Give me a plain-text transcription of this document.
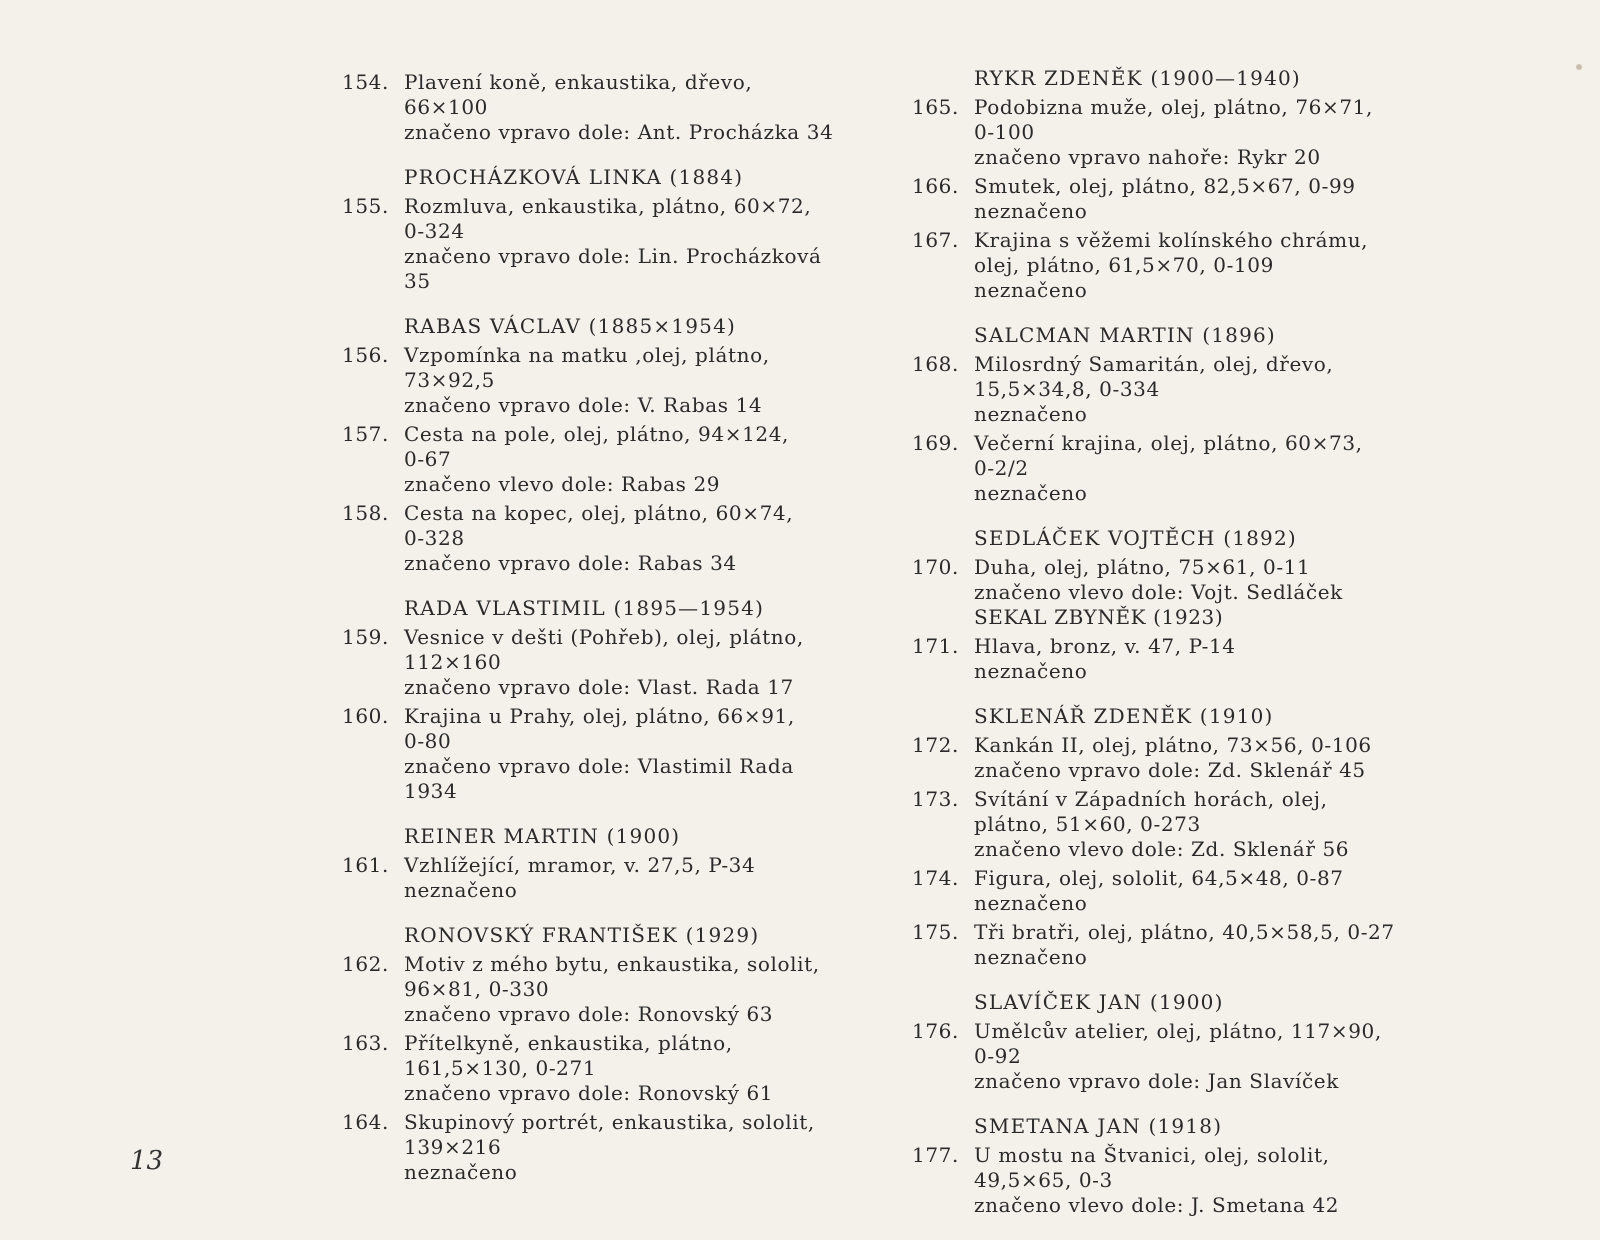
154. Plavení koně, enkaustika, dřevo,
66×100
značeno vpravo dole: Ant. Procházka 34
PROCHÁZKOVÁ LINKA (1884)
155. Rozmluva, enkaustika, plátno, 60×72,
0-324
značeno vpravo dole: Lin. Procházková
35
RABAS VÁCLAV (1885×1954)
156. Vzpomínka na matku ,olej, plátno,
73×92,5
značeno vpravo dole: V. Rabas 14
157. Cesta na pole, olej, plátno, 94×124,
0-67
značeno vlevo dole: Rabas 29
158. Cesta na kopec, olej, plátno, 60×74,
0-328
značeno vpravo dole: Rabas 34
RADA VLASTIMIL (1895—1954)
159. Vesnice v dešti (Pohřeb), olej, plátno,
112×160
značeno vpravo dole: Vlast. Rada 17
160. Krajina u Prahy, olej, plátno, 66×91,
0-80
značeno vpravo dole: Vlastimil Rada
1934
REINER MARTIN (1900)
161. Vzhlížející, mramor, v. 27,5, P-34
neznačeno
RONOVSKÝ FRANTIŠEK (1929)
162. Motiv z mého bytu, enkaustika, sololit,
96×81, 0-330
značeno vpravo dole: Ronovský 63
163. Přítelkyně, enkaustika, plátno,
161,5×130, 0-271
značeno vpravo dole: Ronovský 61
164. Skupinový portrét, enkaustika, sololit,
139×216
neznačeno
RYKR ZDENĚK (1900—1940)
165. Podobizna muže, olej, plátno, 76×71,
0-100
značeno vpravo nahoře: Rykr 20
166. Smutek, olej, plátno, 82,5×67, 0-99
neznačeno
167. Krajina s věžemi kolínského chrámu,
olej, plátno, 61,5×70, 0-109
neznačeno
SALCMAN MARTIN (1896)
168. Milosrdný Samaritán, olej, dřevo,
15,5×34,8, 0-334
neznačeno
169. Večerní krajina, olej, plátno, 60×73,
0-2/2
neznačeno
SEDLÁČEK VOJTĚCH (1892)
170. Duha, olej, plátno, 75×61, 0-11
značeno vlevo dole: Vojt. Sedláček
SEKAL ZBYNĚK (1923)
171. Hlava, bronz, v. 47, P-14
neznačeno
SKLENÁŘ ZDENĚK (1910)
172. Kankán II, olej, plátno, 73×56, 0-106
značeno vpravo dole: Zd. Sklenář 45
173. Svítání v Západních horách, olej,
plátno, 51×60, 0-273
značeno vlevo dole: Zd. Sklenář 56
174. Figura, olej, sololit, 64,5×48, 0-87
neznačeno
175. Tři bratři, olej, plátno, 40,5×58,5, 0-27
neznačeno
SLAVÍČEK JAN (1900)
176. Umělcův atelier, olej, plátno, 117×90,
0-92
značeno vpravo dole: Jan Slavíček
SMETANA JAN (1918)
177. U mostu na Štvanici, olej, sololit,
49,5×65, 0-3
značeno vlevo dole: J. Smetana 42
13
